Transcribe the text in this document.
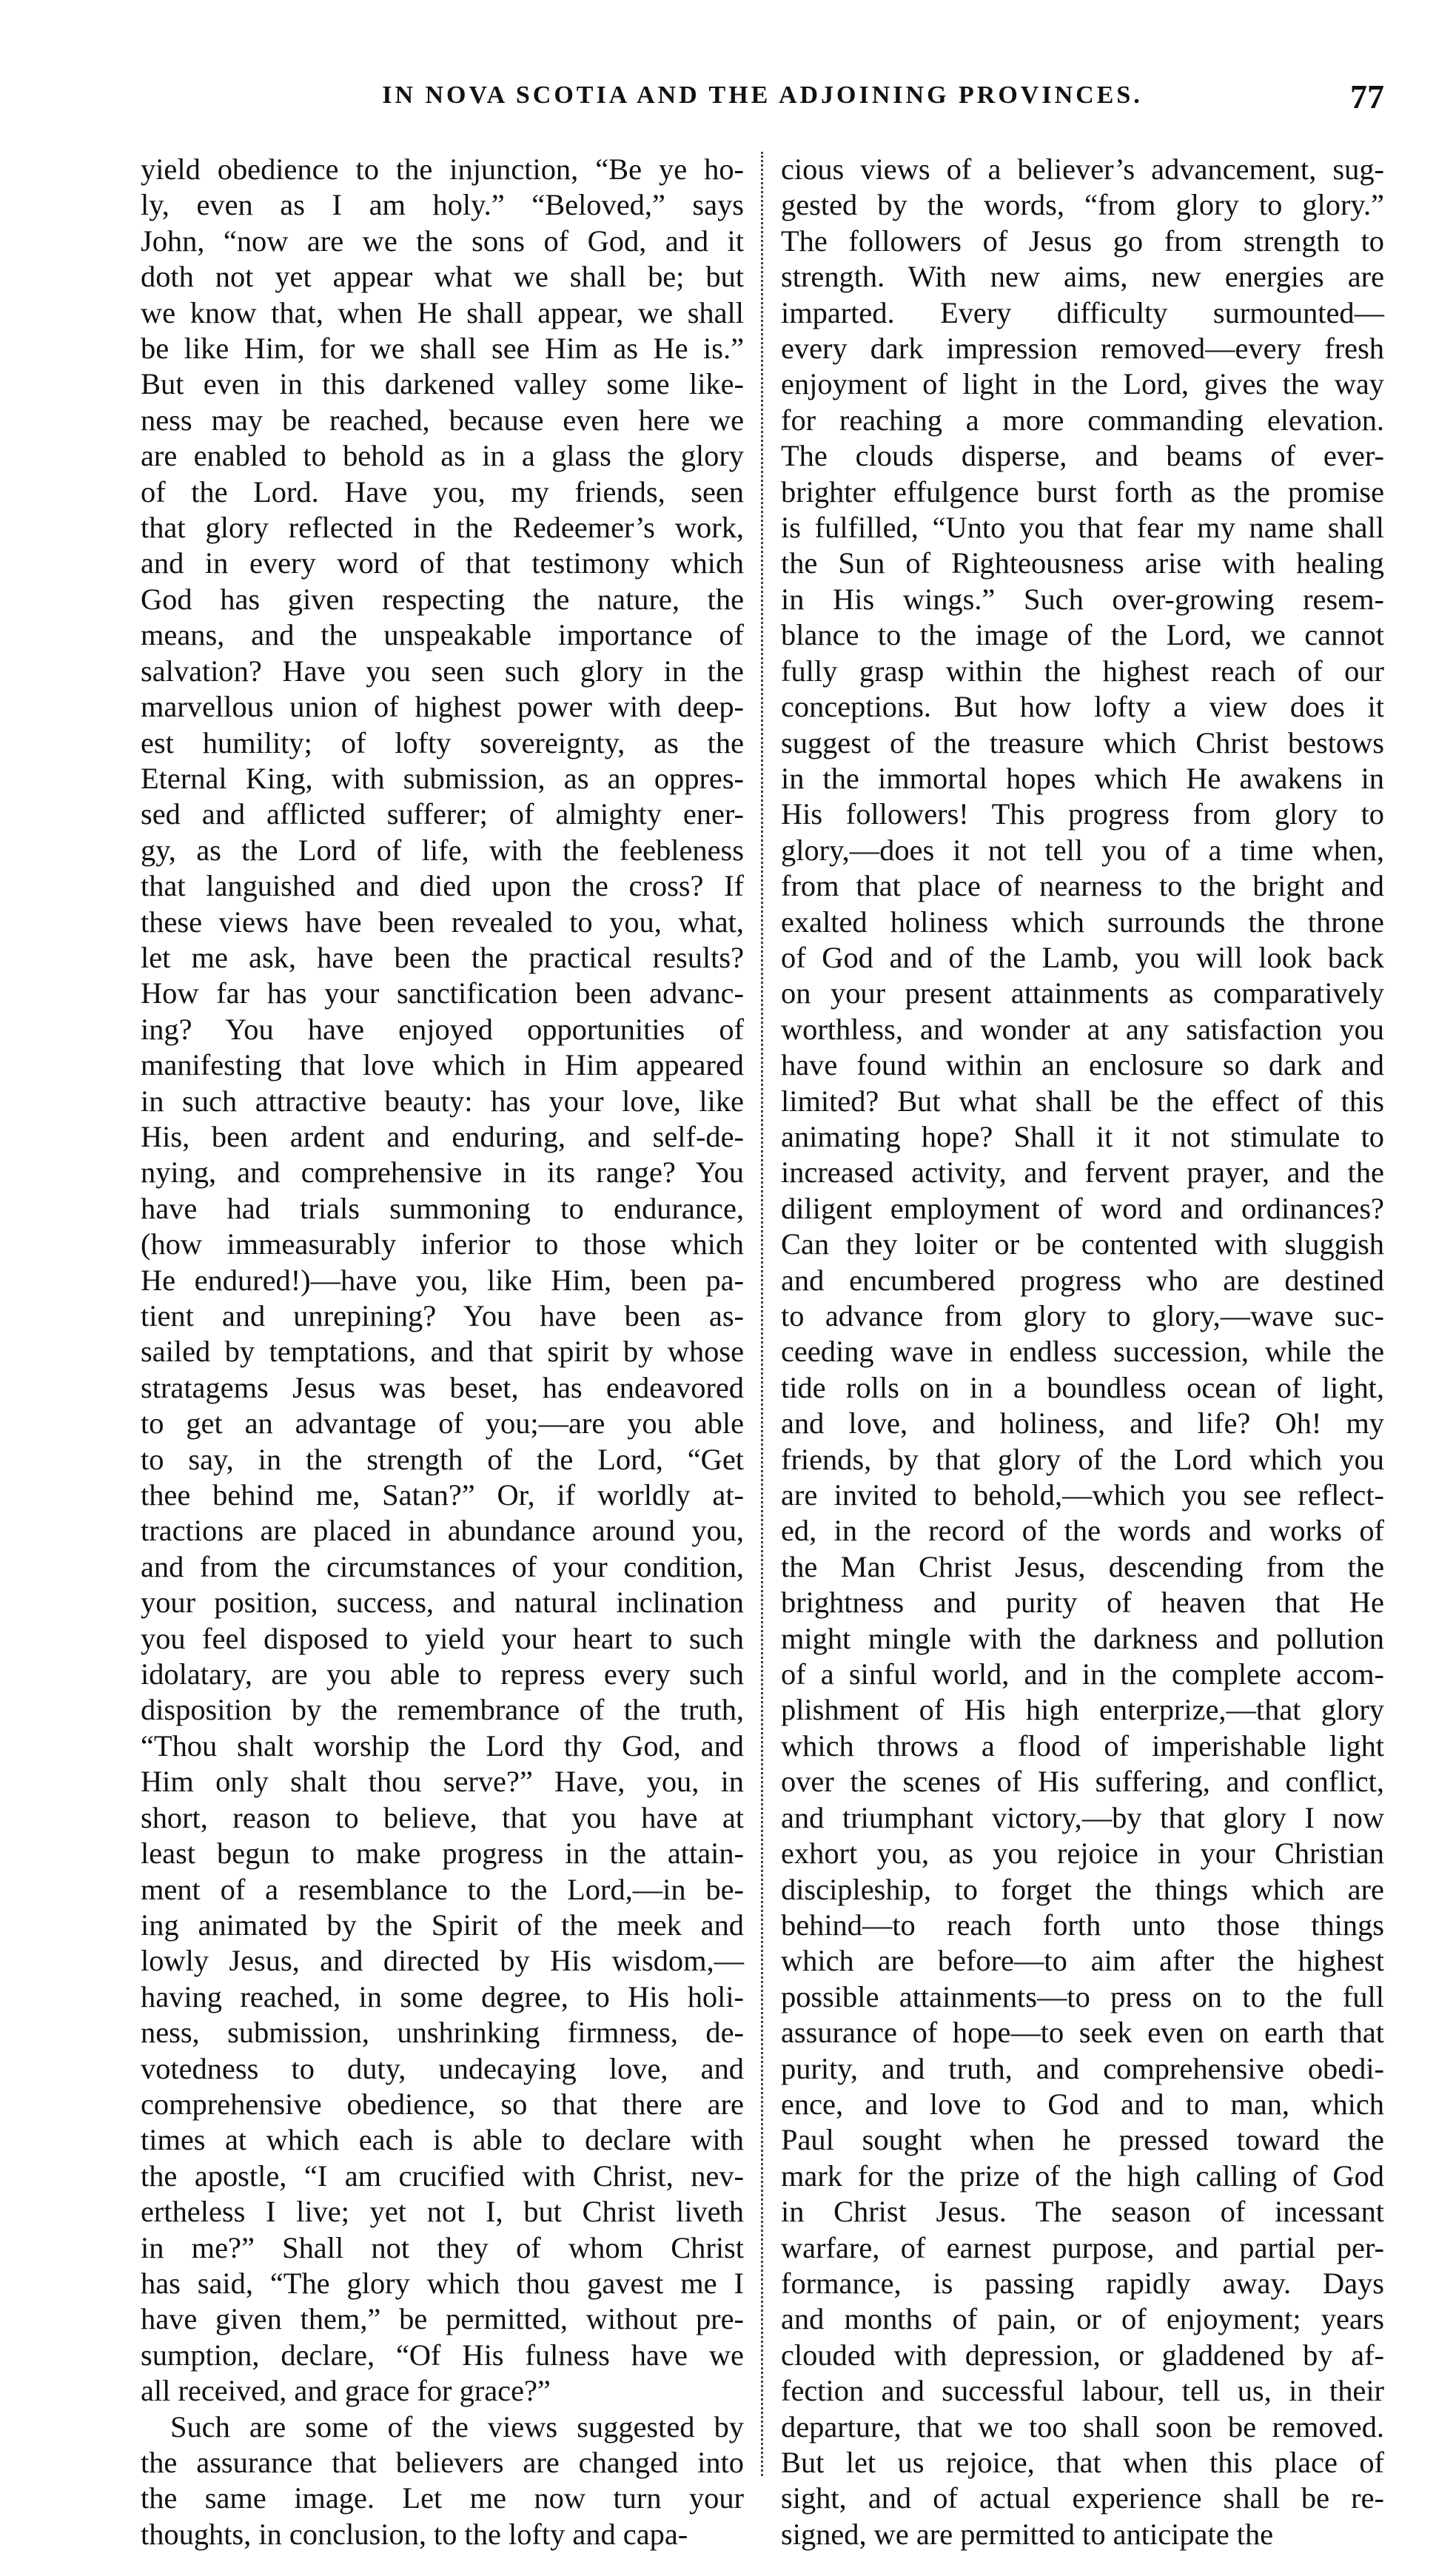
IN NOVA SCOTIA AND THE ADJOINING PROVINCES.	77
yield obedience to the injunction, “Be ye ho-
ly, even as I am holy.” “Beloved,” says
John, “now are we the sons of God, and it
doth not yet appear what we shall be; but
we know that, when He shall appear, we shall
be like Him, for we shall see Him as He is.”
But even in this darkened valley some like-
ness may be reached, because even here we
are enabled to behold as in a glass the glory
of the Lord. Have you, my friends, seen
that glory reflected in the Redeemer’s work,
and in every word of that testimony which
God has given respecting the nature, the
means, and the unspeakable importance of
salvation? Have you seen such glory in the
marvellous union of highest power with deep-
est humility; of lofty sovereignty, as the
Eternal King, with submission, as an oppres-
sed and afflicted sufferer; of almighty ener-
gy, as the Lord of life, with the feebleness
that languished and died upon the cross? If
these views have been revealed to you, what,
let me ask, have been the practical results?
How far has your sanctification been advanc-
ing? You have enjoyed opportunities of
manifesting that love which in Him appeared
in such attractive beauty: has your love, like
His, been ardent and enduring, and self-de-
nying, and comprehensive in its range? You
have had trials summoning to endurance,
(how immeasurably inferior to those which
He endured!)—have you, like Him, been pa-
tient and unrepining? You have been as-
sailed by temptations, and that spirit by whose
stratagems Jesus was beset, has endeavored
to get an advantage of you;—are you able
to say, in the strength of the Lord, “Get
thee behind me, Satan?” Or, if worldly at-
tractions are placed in abundance around you,
and from the circumstances of your condition,
your position, success, and natural inclination
you feel disposed to yield your heart to such
idolatary, are you able to repress every such
disposition by the remembrance of the truth,
“Thou shalt worship the Lord thy God, and
Him only shalt thou serve?” Have, you, in
short, reason to believe, that you have at
least begun to make progress in the attain-
ment of a resemblance to the Lord,—in be-
ing animated by the Spirit of the meek and
lowly Jesus, and directed by His wisdom,—
having reached, in some degree, to His holi-
ness, submission, unshrinking firmness, de-
votedness to duty, undecaying love, and
comprehensive obedience, so that there are
times at which each is able to declare with
the apostle, “I am crucified with Christ, nev-
ertheless I live; yet not I, but Christ liveth
in me?” Shall not they of whom Christ
has said, “The glory which thou gavest me I
have given them,” be permitted, without pre-
sumption, declare, “Of His fulness have we
all received, and grace for grace?”
Such are some of the views suggested by
the assurance that believers are changed into
the same image. Let me now turn your
thoughts, in conclusion, to the lofty and capa-
cious views of a believer’s advancement, sug-
gested by the words, “from glory to glory.”
The followers of Jesus go from strength to
strength. With new aims, new energies are
imparted. Every difficulty surmounted—
every dark impression removed—every fresh
enjoyment of light in the Lord, gives the way
for reaching a more commanding elevation.
The clouds disperse, and beams of ever-
brighter effulgence burst forth as the promise
is fulfilled, “Unto you that fear my name shall
the Sun of Righteousness arise with healing
in His wings.” Such over-growing resem-
blance to the image of the Lord, we cannot
fully grasp within the highest reach of our
conceptions. But how lofty a view does it
suggest of the treasure which Christ bestows
in the immortal hopes which He awakens in
His followers! This progress from glory to
glory,—does it not tell you of a time when,
from that place of nearness to the bright and
exalted holiness which surrounds the throne
of God and of the Lamb, you will look back
on your present attainments as comparatively
worthless, and wonder at any satisfaction you
have found within an enclosure so dark and
limited? But what shall be the effect of this
animating hope? Shall it it not stimulate to
increased activity, and fervent prayer, and the
diligent employment of word and ordinances?
Can they loiter or be contented with sluggish
and encumbered progress who are destined
to advance from glory to glory,—wave suc-
ceeding wave in endless succession, while the
tide rolls on in a boundless ocean of light,
and love, and holiness, and life? Oh! my
friends, by that glory of the Lord which you
are invited to behold,—which you see reflect-
ed, in the record of the words and works of
the Man Christ Jesus, descending from the
brightness and purity of heaven that He
might mingle with the darkness and pollution
of a sinful world, and in the complete accom-
plishment of His high enterprize,—that glory
which throws a flood of imperishable light
over the scenes of His suffering, and conflict,
and triumphant victory,—by that glory I now
exhort you, as you rejoice in your Christian
discipleship, to forget the things which are
behind—to reach forth unto those things
which are before—to aim after the highest
possible attainments—to press on to the full
assurance of hope—to seek even on earth that
purity, and truth, and comprehensive obedi-
ence, and love to God and to man, which
Paul sought when he pressed toward the
mark for the prize of the high calling of God
in Christ Jesus. The season of incessant
warfare, of earnest purpose, and partial per-
formance, is passing rapidly away. Days
and months of pain, or of enjoyment; years
clouded with depression, or gladdened by af-
fection and successful labour, tell us, in their
departure, that we too shall soon be removed.
But let us rejoice, that when this place of
sight, and of actual experience shall be re-
signed, we are permitted to anticipate the
